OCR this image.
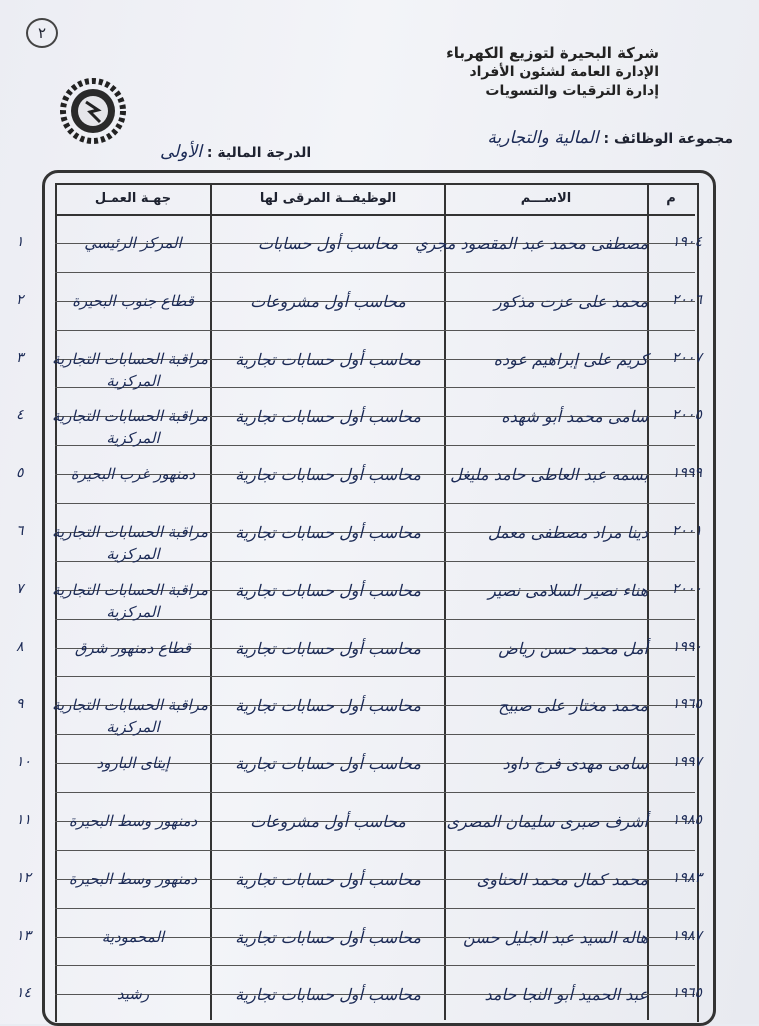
٢
شركة البحيرة لتوزيع الكهرباء
الإدارة العامة لشئون الأفراد
إدارة الترقيات والتسويات
مجموعة الوظائف : المالية والتجارية
الدرجة المالية : الأولى
م
الاســـم
الوظيفــة المرقى لها
جهـة العمـل
١٩٠٤
مصطفى محمد عبد المقصود مجري
محاسب أول حسابات
المركز الرئيسي
١
٢٠٠٦
محمد على عزت مذكور
محاسب أول مشروعات
قطاع جنوب البحيرة
٢
٢٠٠٧
كريم على إبراهيم عوده
محاسب أول حسابات تجارية
مراقبة الحسابات التجارية
المركزية
٣
٢٠٠٥
سامى محمد أبو شهده
محاسب أول حسابات تجارية
مراقبة الحسابات التجارية
المركزية
٤
١٩٩٩
بسمه عبد العاطى حامد مليغل
محاسب أول حسابات تجارية
دمنهور غرب البحيرة
٥
٢٠٠١
دينا مراد مصطفى معمل
محاسب أول حسابات تجارية
مراقبة الحسابات التجارية
المركزية
٦
٢٠٠٠
هناء نصير السلامى نصير
محاسب أول حسابات تجارية
مراقبة الحسابات التجارية
المركزية
٧
١٩٩٠
أمل محمد حسن رياض
محاسب أول حسابات تجارية
قطاع دمنهور شرق
٨
١٩٦٥
محمد مختار على صبيح
محاسب أول حسابات تجارية
مراقبة الحسابات التجارية
المركزية
٩
١٩٩٧
سامى مهدى فرج داود
محاسب أول حسابات تجارية
إيتاى البارود
١٠
١٩٨٥
أشرف صبرى سليمان المصرى
محاسب أول مشروعات
دمنهور وسط البحيرة
١١
١٩٨٣
محمد كمال محمد الحناوى
محاسب أول حسابات تجارية
دمنهور وسط البحيرة
١٢
١٩٨٧
هاله السيد عبد الجليل حسن
محاسب أول حسابات تجارية
المحمودية
١٣
١٩٦٥
عبد الحميد أبو النجا حامد
محاسب أول حسابات تجارية
رشيد
١٤
